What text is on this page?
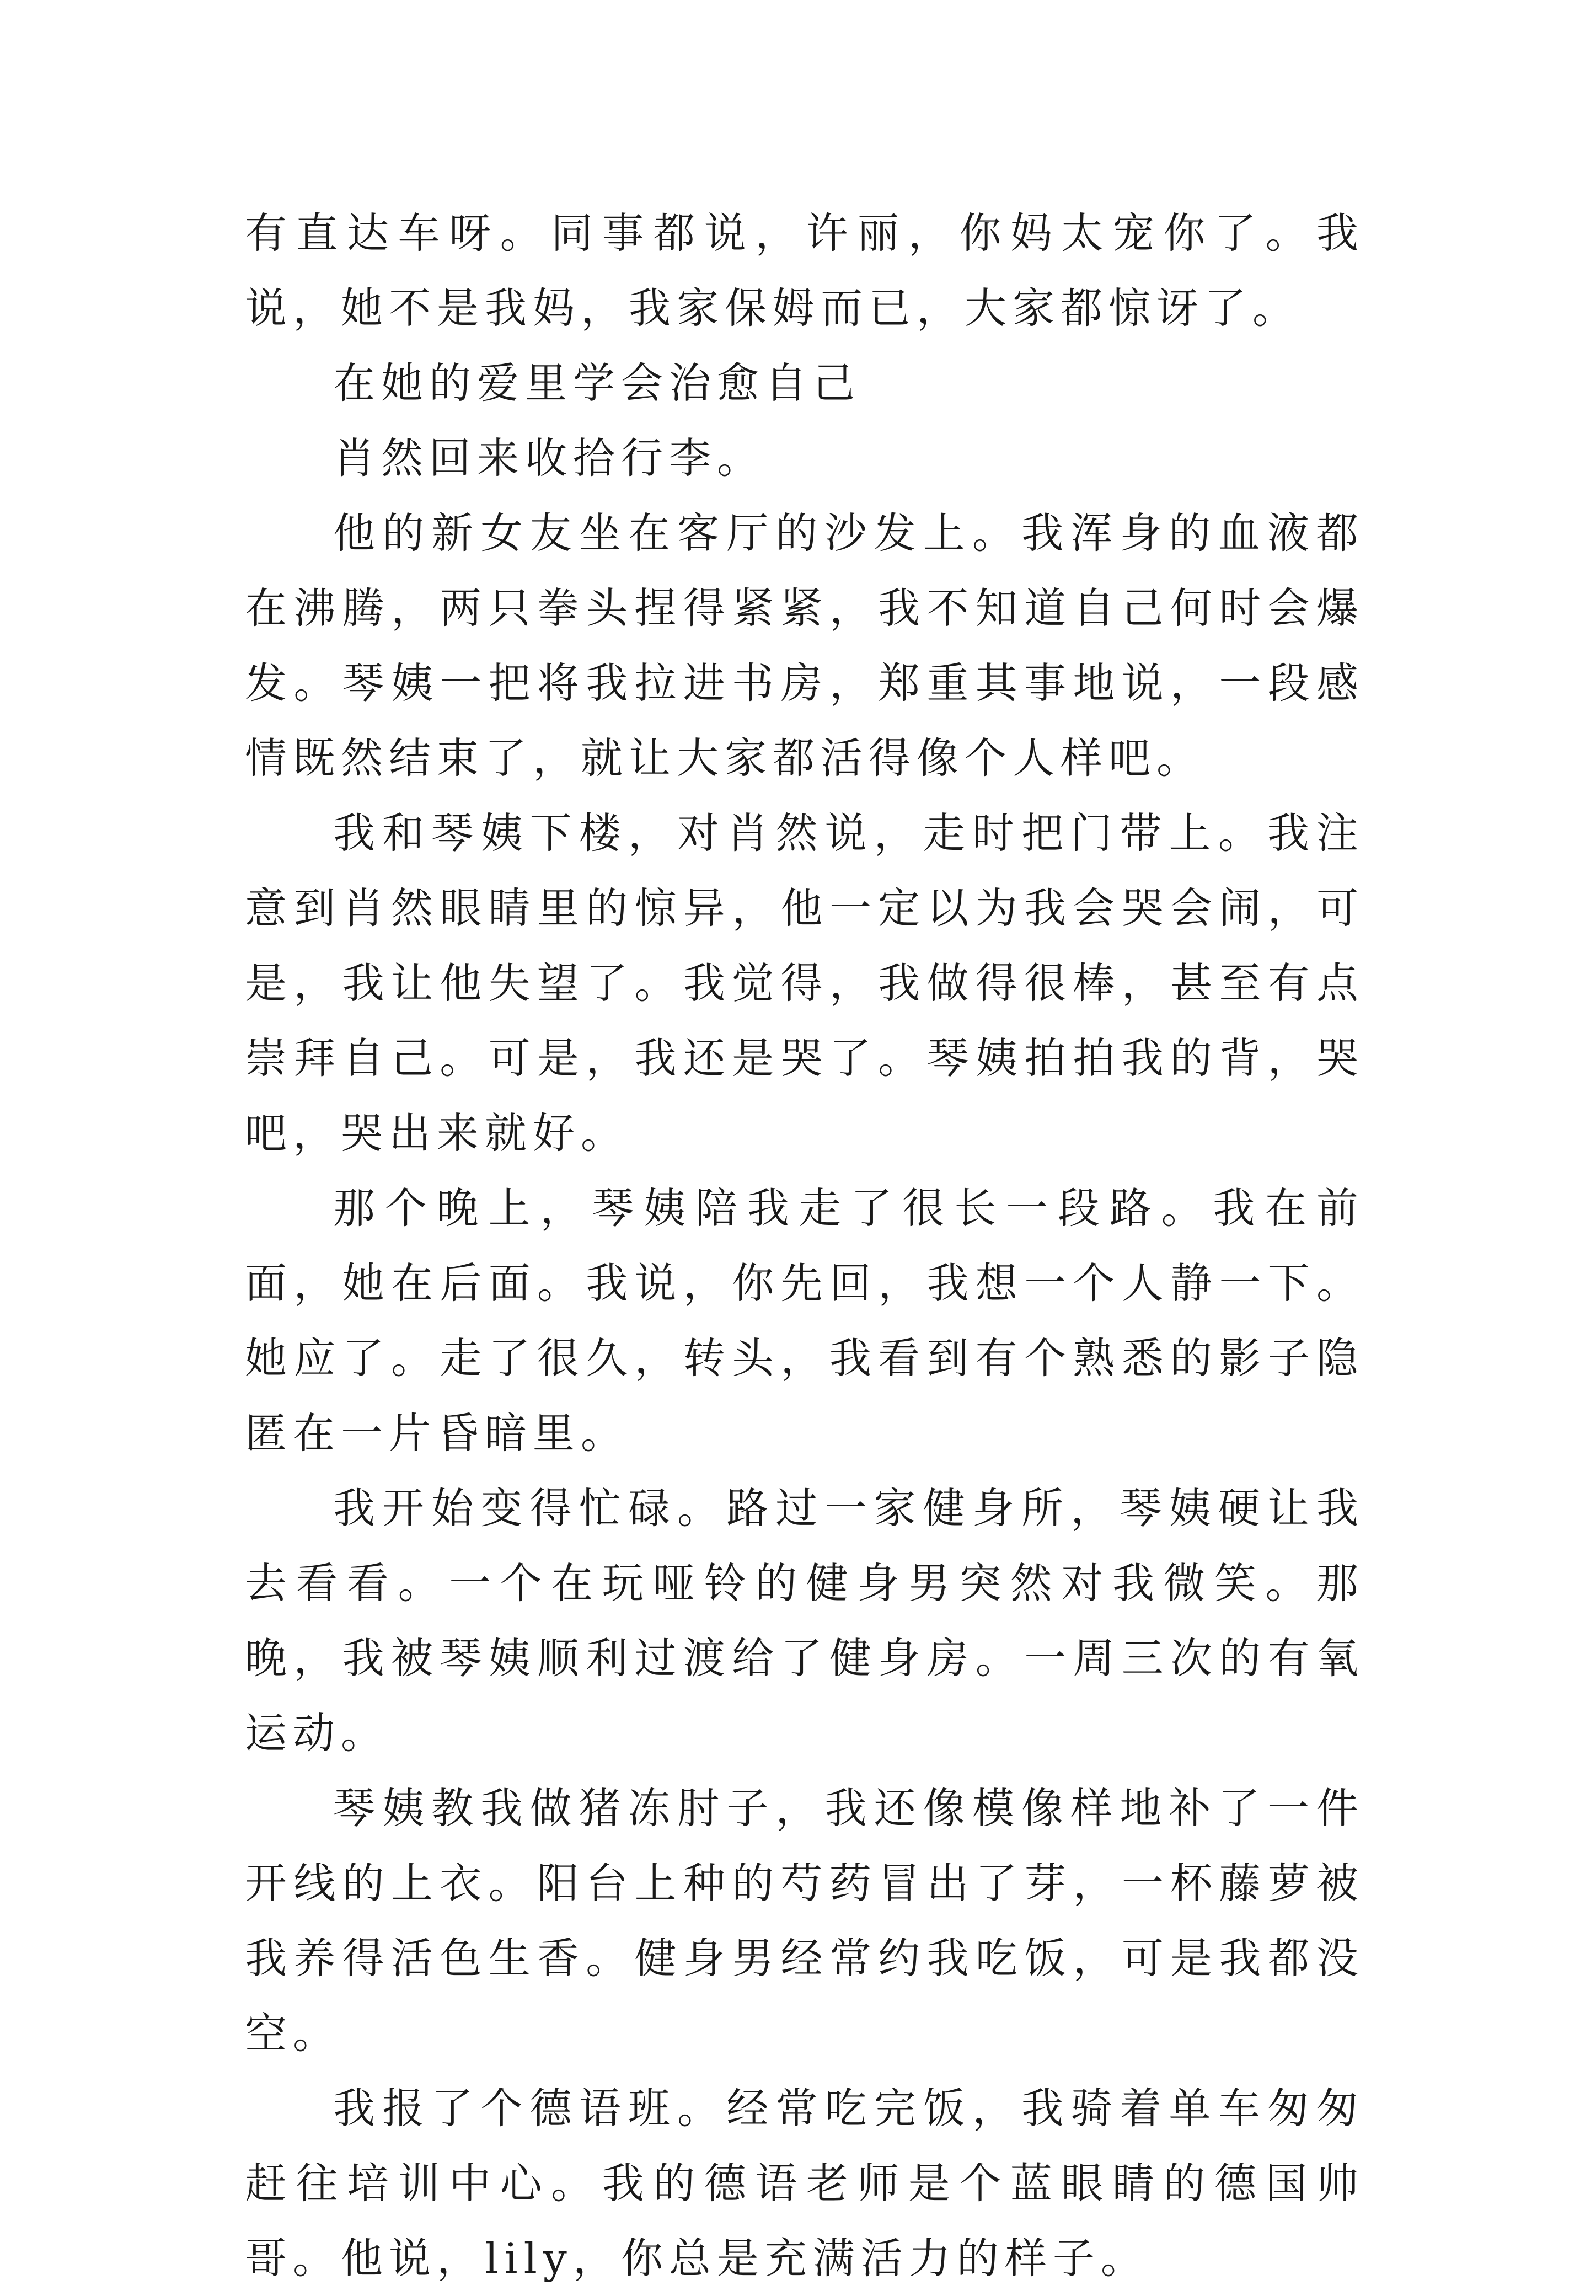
有直达车呀。同事都说，许丽，你妈太宠你了。我说，她不是我妈，我家保姆而已，大家都惊讶了。

在她的爱里学会治愈自己

肖然回来收拾行李。

他的新女友坐在客厅的沙发上。我浑身的血液都在沸腾，两只拳头捏得紧紧，我不知道自己何时会爆发。琴姨一把将我拉进书房，郑重其事地说，一段感情既然结束了，就让大家都活得像个人样吧。

我和琴姨下楼，对肖然说，走时把门带上。我注意到肖然眼睛里的惊异，他一定以为我会哭会闹，可是，我让他失望了。我觉得，我做得很棒，甚至有点崇拜自己。可是，我还是哭了。琴姨拍拍我的背，哭吧，哭出来就好。

那个晚上，琴姨陪我走了很长一段路。我在前面，她在后面。我说，你先回，我想一个人静一下。她应了。走了很久，转头，我看到有个熟悉的影子隐匿在一片昏暗里。

我开始变得忙碌。路过一家健身所，琴姨硬让我去看看。一个在玩哑铃的健身男突然对我微笑。那晚，我被琴姨顺利过渡给了健身房。一周三次的有氧运动。

琴姨教我做猪冻肘子，我还像模像样地补了一件开线的上衣。阳台上种的芍药冒出了芽，一杯藤萝被我养得活色生香。健身男经常约我吃饭，可是我都没空。

我报了个德语班。经常吃完饭，我骑着单车匆匆赶往培训中心。我的德语老师是个蓝眼睛的德国帅哥。他说，lily，你总是充满活力的样子。
